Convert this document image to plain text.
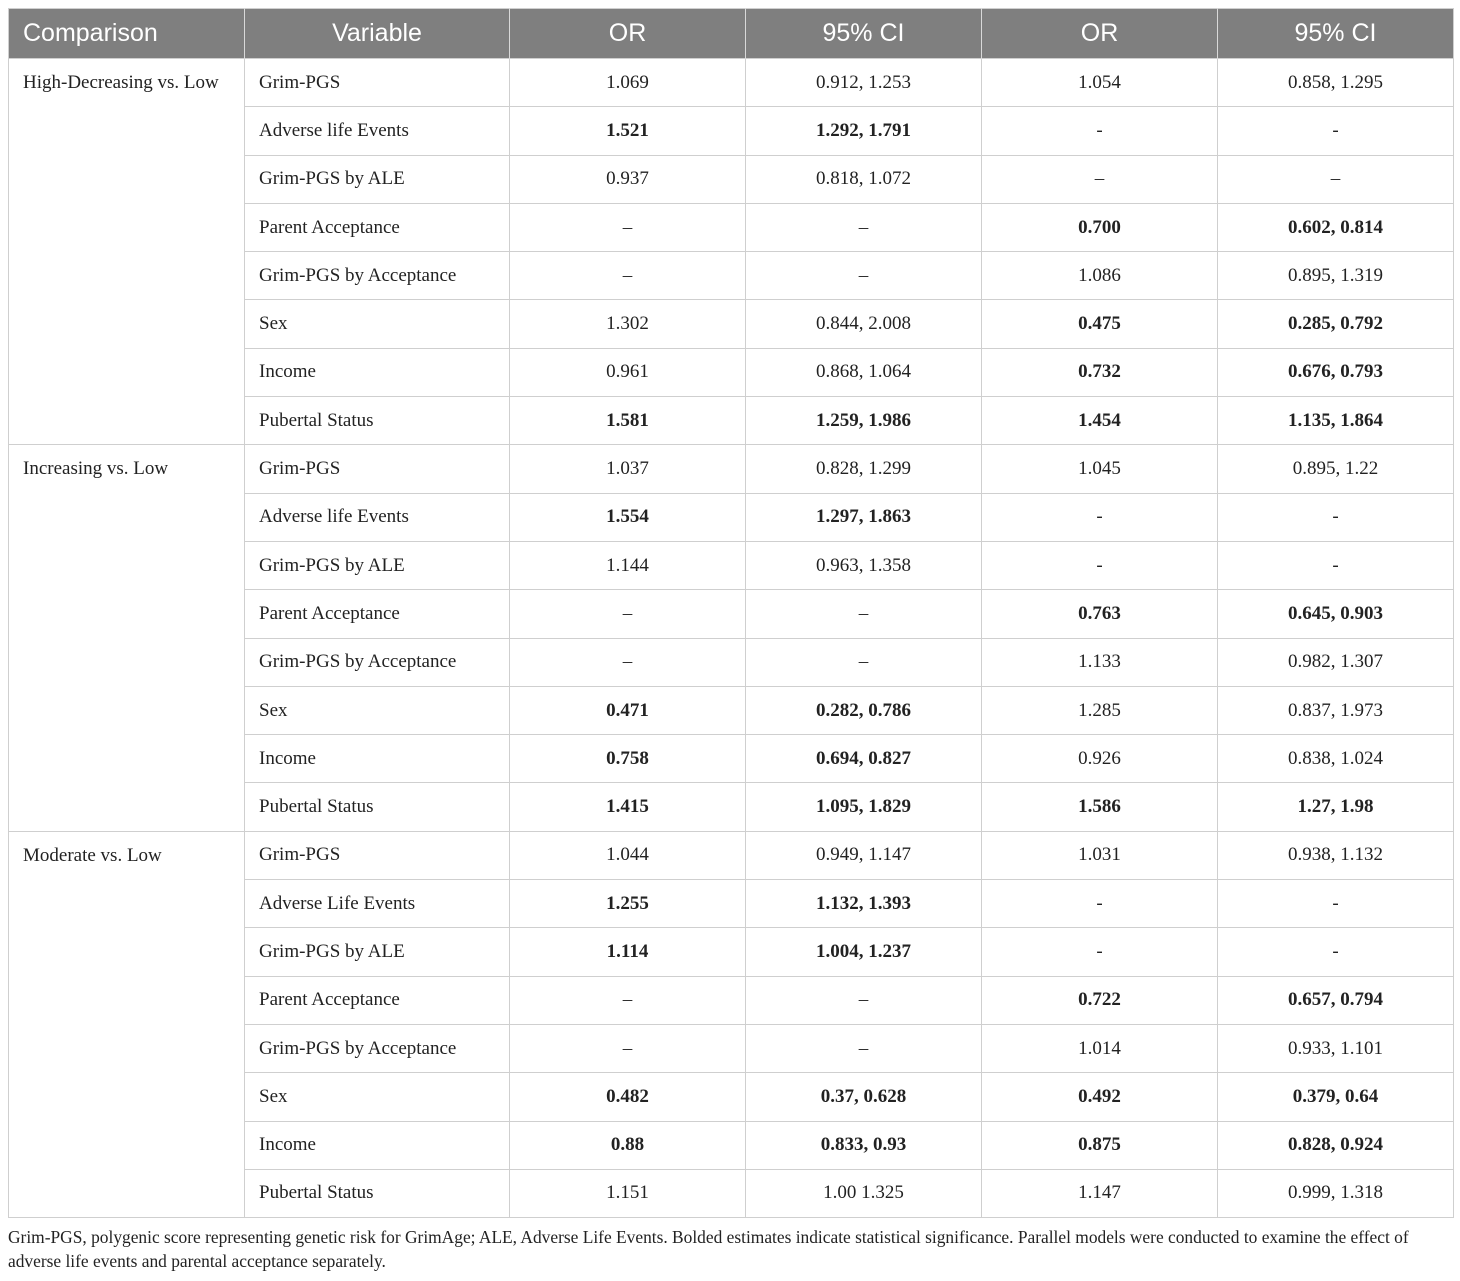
Comparison	Variable	OR	95% CI	OR	95% CI
High-Decreasing vs. Low	Grim-PGS	1.069	0.912, 1.253	1.054	0.858, 1.295
	Adverse life Events	1.521	1.292, 1.791	-	-
	Grim-PGS by ALE	0.937	0.818, 1.072	–	–
	Parent Acceptance	–	–	0.700	0.602, 0.814
	Grim-PGS by Acceptance	–	–	1.086	0.895, 1.319
	Sex	1.302	0.844, 2.008	0.475	0.285, 0.792
	Income	0.961	0.868, 1.064	0.732	0.676, 0.793
	Pubertal Status	1.581	1.259, 1.986	1.454	1.135, 1.864
Increasing vs. Low	Grim-PGS	1.037	0.828, 1.299	1.045	0.895, 1.22
	Adverse life Events	1.554	1.297, 1.863	-	-
	Grim-PGS by ALE	1.144	0.963, 1.358	-	-
	Parent Acceptance	–	–	0.763	0.645, 0.903
	Grim-PGS by Acceptance	–	–	1.133	0.982, 1.307
	Sex	0.471	0.282, 0.786	1.285	0.837, 1.973
	Income	0.758	0.694, 0.827	0.926	0.838, 1.024
	Pubertal Status	1.415	1.095, 1.829	1.586	1.27, 1.98
Moderate vs. Low	Grim-PGS	1.044	0.949, 1.147	1.031	0.938, 1.132
	Adverse Life Events	1.255	1.132, 1.393	-	-
	Grim-PGS by ALE	1.114	1.004, 1.237	-	-
	Parent Acceptance	–	–	0.722	0.657, 0.794
	Grim-PGS by Acceptance	–	–	1.014	0.933, 1.101
	Sex	0.482	0.37, 0.628	0.492	0.379, 0.64
	Income	0.88	0.833, 0.93	0.875	0.828, 0.924
	Pubertal Status	1.151	1.00 1.325	1.147	0.999, 1.318
Grim-PGS, polygenic score representing genetic risk for GrimAge; ALE, Adverse Life Events. Bolded estimates indicate statistical significance. Parallel models were conducted to examine the effect of adverse life events and parental acceptance separately.
